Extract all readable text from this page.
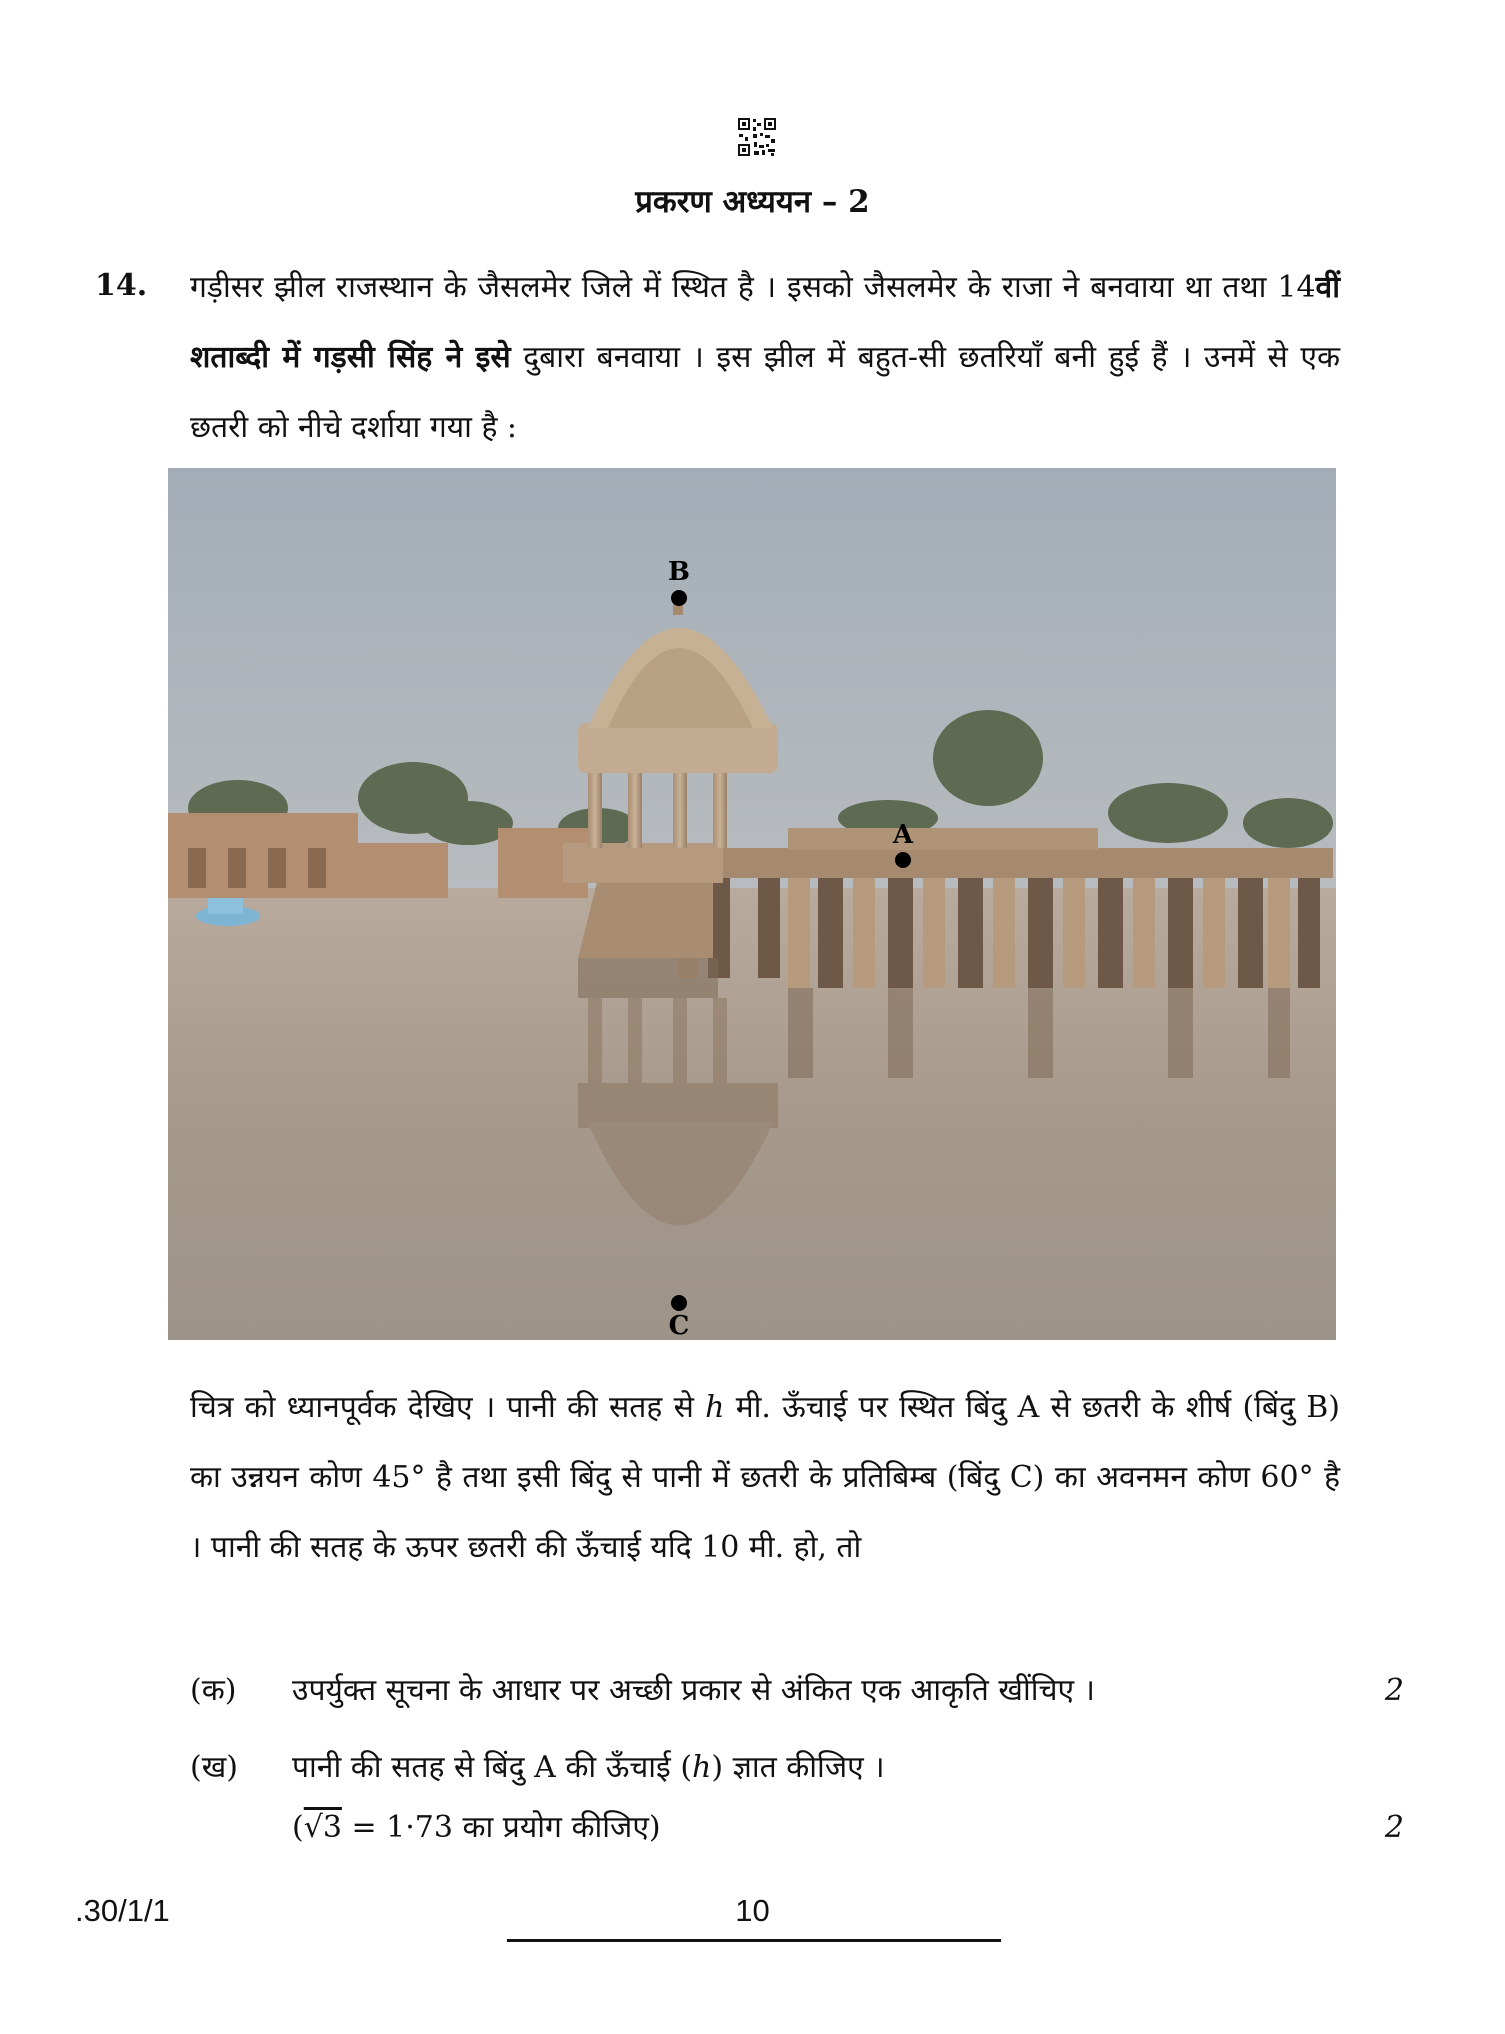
प्रकरण अध्ययन – 2
14. गड़ीसर झील राजस्थान के जैसलमेर जिले में स्थित है । इसको जैसलमेर के राजा ने बनवाया था तथा 14वीं शताब्दी में गड़सी सिंह ने इसे दुबारा बनवाया । इस झील में बहुत-सी छतरियाँ बनी हुई हैं । उनमें से एक छतरी को नीचे दर्शाया गया है :
B
A
C
चित्र को ध्यानपूर्वक देखिए । पानी की सतह से h मी. ऊँचाई पर स्थित बिंदु A से छतरी के शीर्ष (बिंदु B) का उन्नयन कोण 45° है तथा इसी बिंदु से पानी में छतरी के प्रतिबिम्ब (बिंदु C) का अवनमन कोण 60° है । पानी की सतह के ऊपर छतरी की ऊँचाई यदि 10 मी. हो, तो
(क) उपर्युक्त सूचना के आधार पर अच्छी प्रकार से अंकित एक आकृति खींचिए ।	2
(ख) पानी की सतह से बिंदु A की ऊँचाई (h) ज्ञात कीजिए ।
(√3 = 1·73 का प्रयोग कीजिए)	2
.30/1/1	10
